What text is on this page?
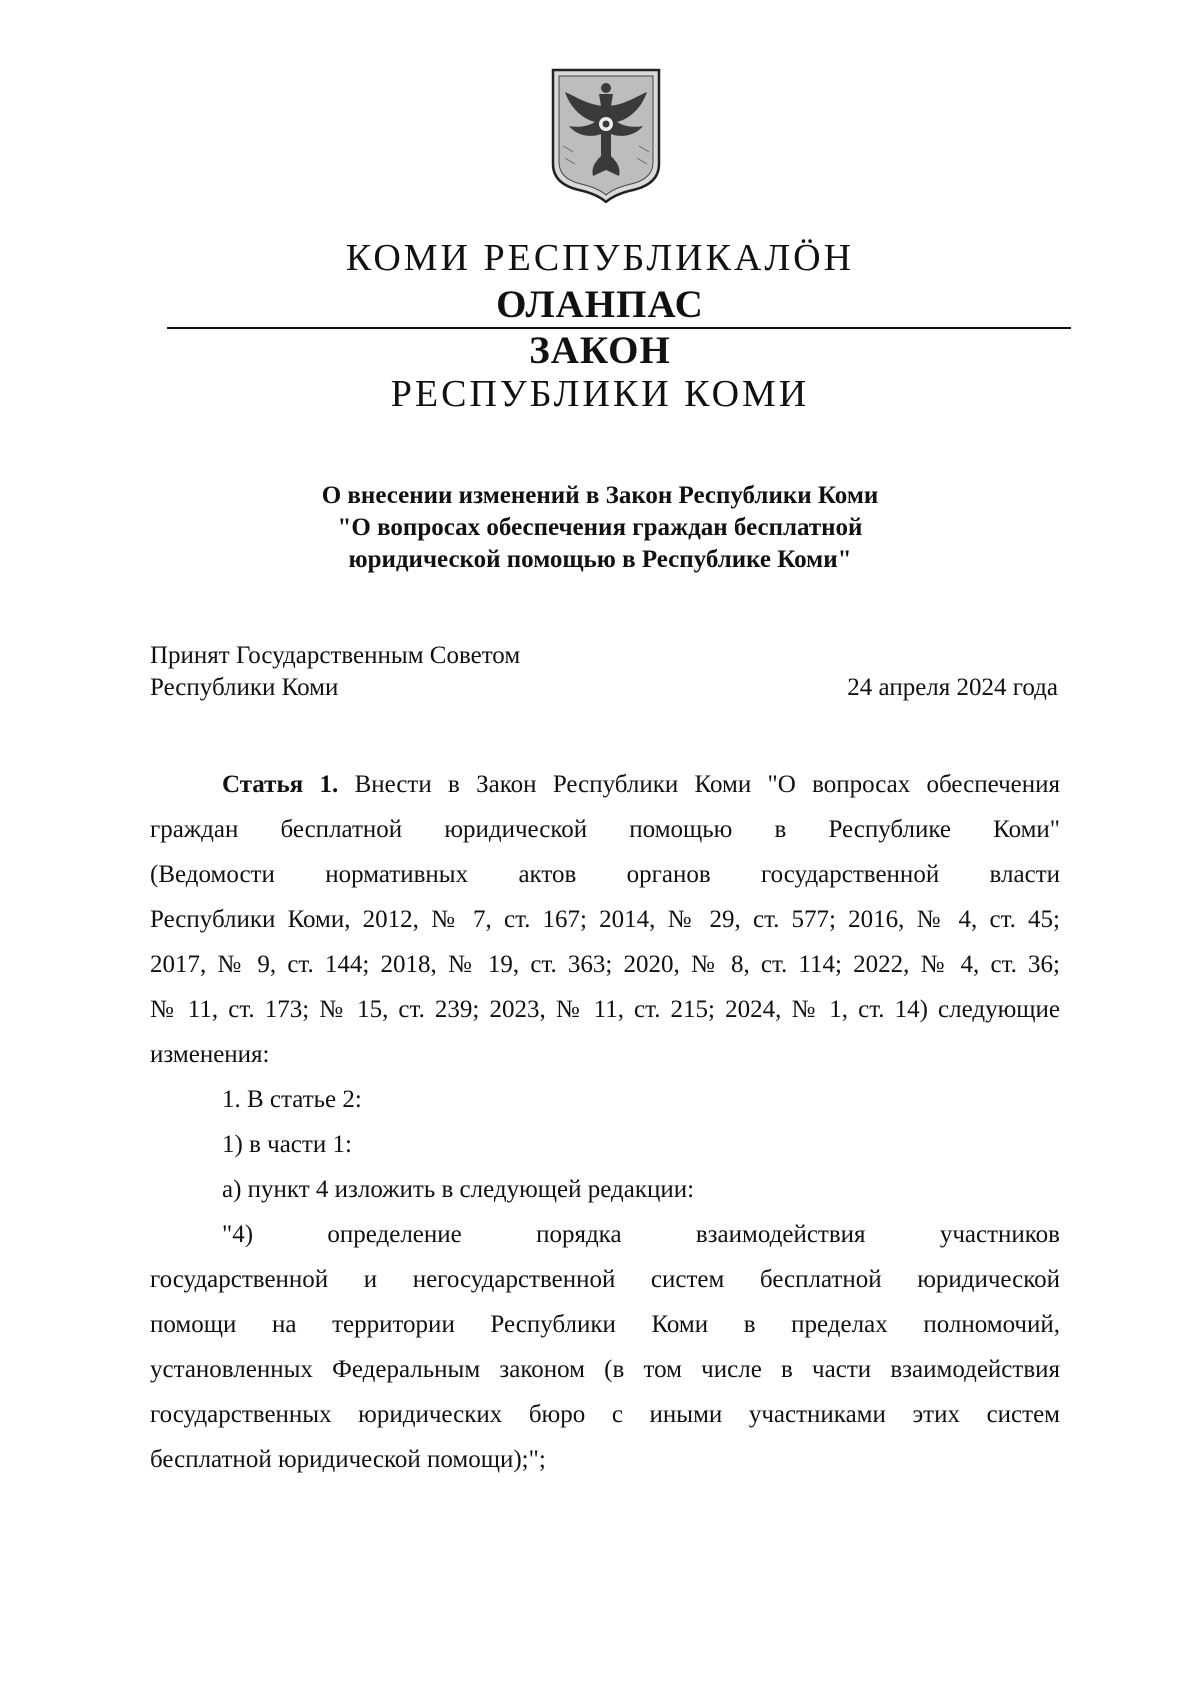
КОМИ РЕСПУБЛИКАЛӦН
ОЛАНПАС
ЗАКОН
РЕСПУБЛИКИ КОМИ
О внесении изменений в Закон Республики Коми
"О вопросах обеспечения граждан бесплатной
юридической помощью в Республике Коми"
Принят Государственным Советом
Республики Коми	24 апреля 2024 года

Статья 1. Внести в Закон Республики Коми "О вопросах обеспечения

граждан бесплатной юридической помощью в Республике Коми"

(Ведомости нормативных актов органов государственной власти

Республики Коми, 2012, № 7, ст. 167; 2014, № 29, ст. 577; 2016, № 4, ст. 45;

2017, № 9, ст. 144; 2018, № 19, ст. 363; 2020, № 8, ст. 114; 2022, № 4, ст. 36;

№ 11, ст. 173; № 15, ст. 239; 2023, № 11, ст. 215; 2024, № 1, ст. 14) следующие

изменения:

1. В статье 2:

1) в части 1:

а) пункт 4 изложить в следующей редакции:

"4) определение порядка взаимодействия участников

государственной и негосударственной систем бесплатной юридической

помощи на территории Республики Коми в пределах полномочий,

установленных Федеральным законом (в том числе в части взаимодействия

государственных юридических бюро с иными участниками этих систем

бесплатной юридической помощи);";
